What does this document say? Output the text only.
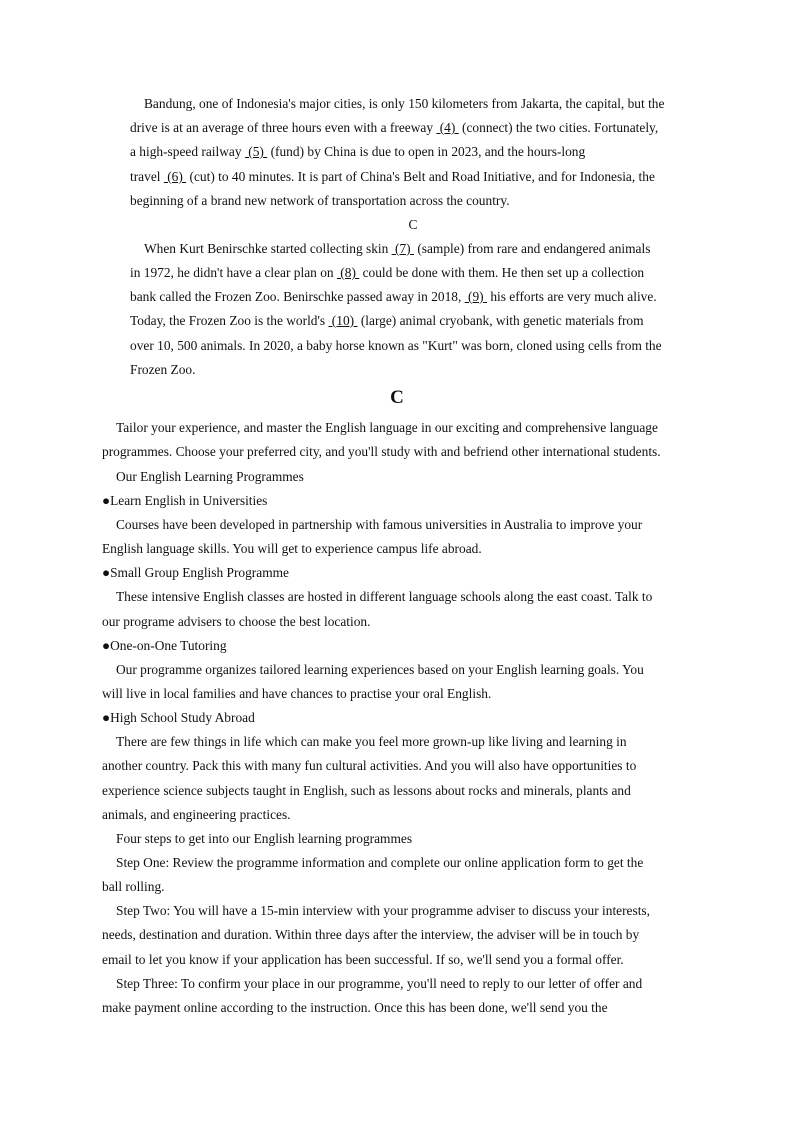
Bandung, one of Indonesia's major cities, is only 150 kilometers from Jakarta, the capital, but the
drive is at an average of three hours even with a freeway  (4)  (connect) the two cities. Fortunately,
a high-speed railway  (5)  (fund) by China is due to open in 2023, and the hours-long
travel  (6)  (cut) to 40 minutes. It is part of China's Belt and Road Initiative, and for Indonesia, the
beginning of a brand new network of transportation across the country.
C
When Kurt Benirschke started collecting skin  (7)  (sample) from rare and endangered animals
in 1972, he didn't have a clear plan on  (8)  could be done with them. He then set up a collection
bank called the Frozen Zoo. Benirschke passed away in 2018,  (9)  his efforts are very much alive.
Today, the Frozen Zoo is the world's  (10)  (large) animal cryobank, with genetic materials from
over 10, 500 animals. In 2020, a baby horse known as "Kurt" was born, cloned using cells from the
Frozen Zoo.
C
Tailor your experience, and master the English language in our exciting and comprehensive language
programmes. Choose your preferred city, and you'll study with and befriend other international students.
Our English Learning Programmes
●Learn English in Universities
Courses have been developed in partnership with famous universities in Australia to improve your
English language skills. You will get to experience campus life abroad.
●Small Group English Programme
These intensive English classes are hosted in different language schools along the east coast. Talk to
our programe advisers to choose the best location.
●One-on-One Tutoring
Our programme organizes tailored learning experiences based on your English learning goals. You
will live in local families and have chances to practise your oral English.
●High School Study Abroad
There are few things in life which can make you feel more grown-up like living and learning in
another country. Pack this with many fun cultural activities. And you will also have opportunities to
experience science subjects taught in English, such as lessons about rocks and minerals, plants and
animals, and engineering practices.
Four steps to get into our English learning programmes
Step One: Review the programme information and complete our online application form to get the
ball rolling.
Step Two: You will have a 15-min interview with your programme adviser to discuss your interests,
needs, destination and duration. Within three days after the interview, the adviser will be in touch by
email to let you know if your application has been successful. If so, we'll send you a formal offer.
Step Three: To confirm your place in our programme, you'll need to reply to our letter of offer and
make payment online according to the instruction. Once this has been done, we'll send you the
